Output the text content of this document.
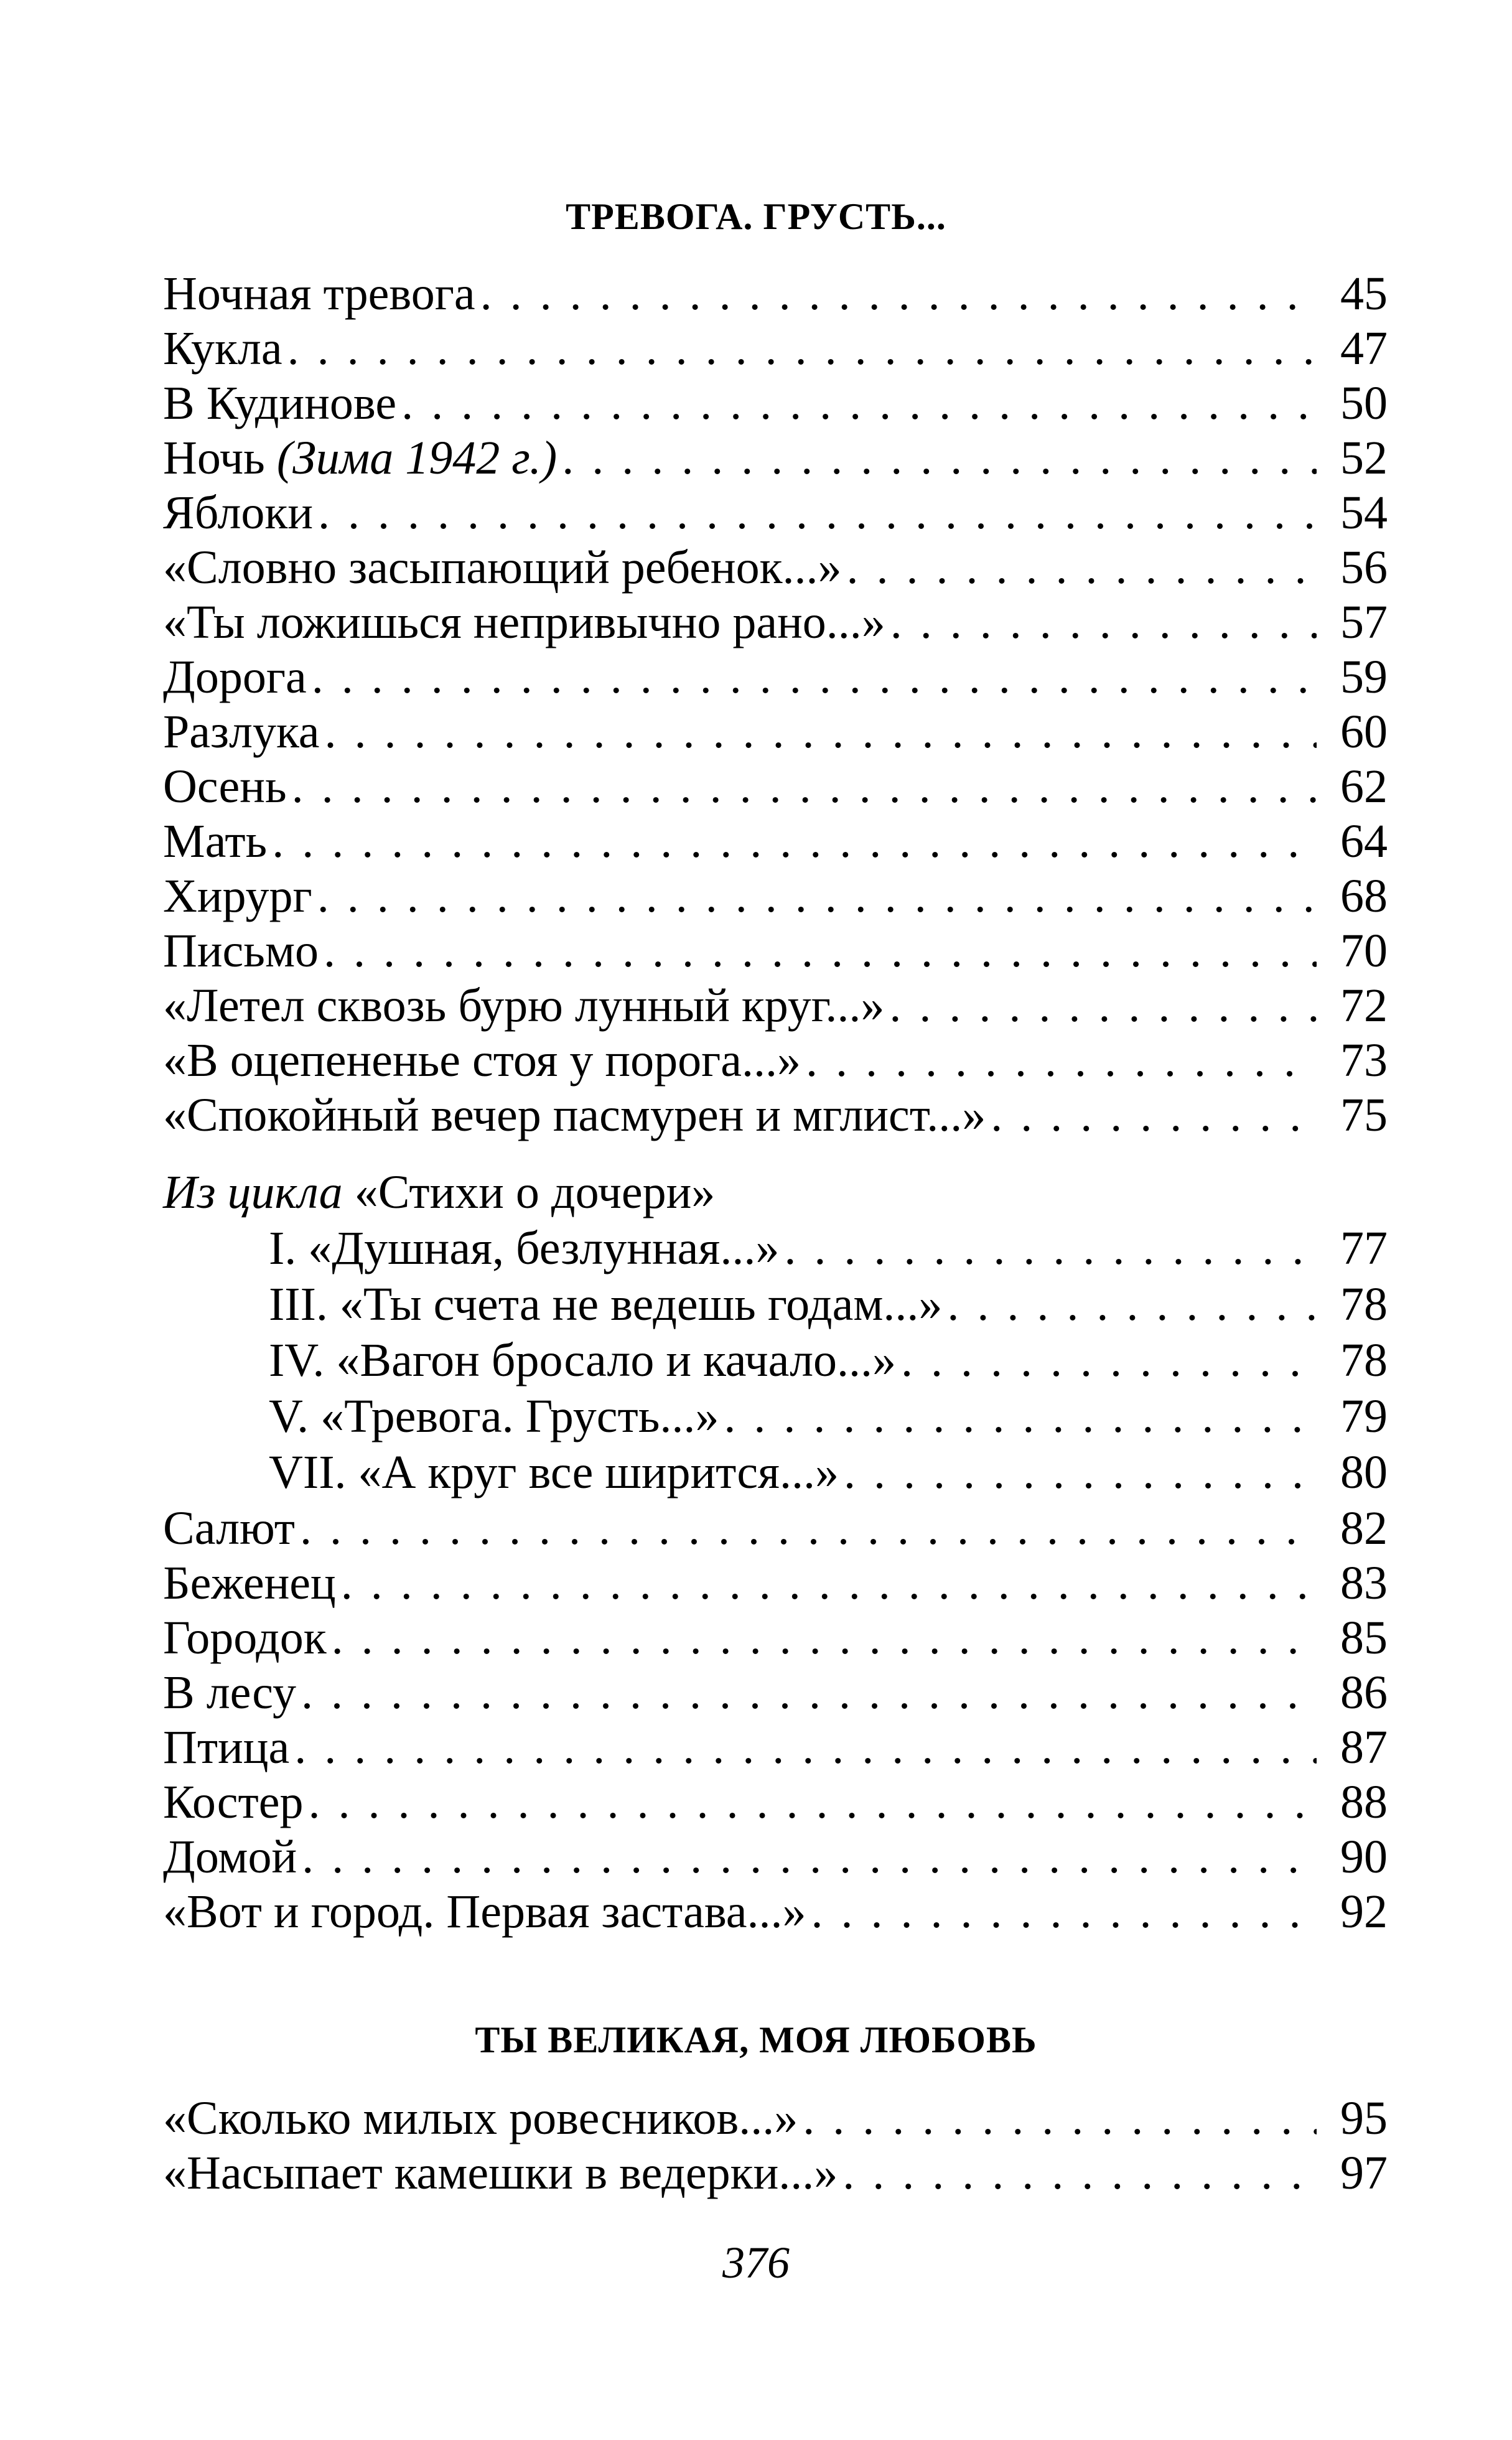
ТРЕВОГА. ГРУСТЬ...
Ночная тревога . . .	45
Кукла . . .	47
В Кудинове . . .	50
Ночь (Зима 1942 г.) . . .	52
Яблоки . . .	54
«Словно засыпающий ребенок...» . . .	56
«Ты ложишься непривычно рано...» . . .	57
Дорога . . .	59
Разлука . . .	60
Осень . . .	62
Мать . . .	64
Хирург . . .	68
Письмо . . .	70
«Летел сквозь бурю лунный круг...» . . .	72
«В оцепененье стоя у порога...» . . .	73
«Спокойный вечер пасмурен и мглист...» . . .	75
Из цикла «Стихи о дочери»
I. «Душная, безлунная...» . . .	77
III. «Ты счета не ведешь годам...» . . .	78
IV. «Вагон бросало и качало...» . . .	78
V. «Тревога. Грусть...» . . .	79
VII. «А круг все ширится...» . . .	80
Салют . . .	82
Беженец . . .	83
Городок . . .	85
В лесу . . .	86
Птица . . .	87
Костер . . .	88
Домой . . .	90
«Вот и город. Первая застава...» . . .	92
ТЫ ВЕЛИКАЯ, МОЯ ЛЮБОВЬ
«Сколько милых ровесников...» . . .	95
«Насыпает камешки в ведерки...» . . .	97
376
